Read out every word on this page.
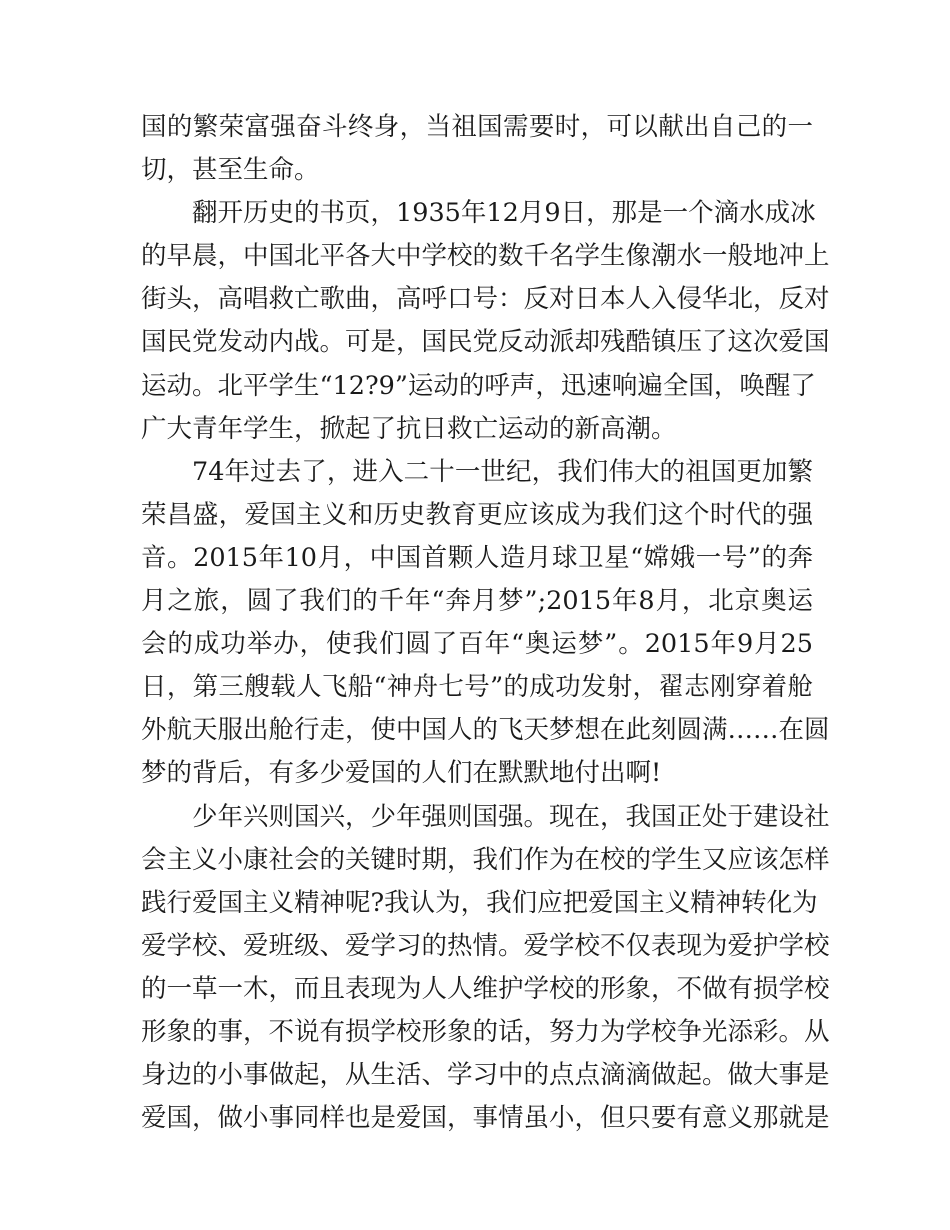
国的繁荣富强奋斗终身，当祖国需要时，可以献出自己的一
切，甚至生命。
翻开历史的书页，1935年12月9日，那是一个滴水成冰
的早晨，中国北平各大中学校的数千名学生像潮水一般地冲上
街头，高唱救亡歌曲，高呼口号：反对日本人入侵华北，反对
国民党发动内战。可是，国民党反动派却残酷镇压了这次爱国
运动。北平学生“12?9”运动的呼声，迅速响遍全国，唤醒了
广大青年学生，掀起了抗日救亡运动的新高潮。
74年过去了，进入二十一世纪，我们伟大的祖国更加繁
荣昌盛，爱国主义和历史教育更应该成为我们这个时代的强
音。2015年10月，中国首颗人造月球卫星“嫦娥一号”的奔
月之旅，圆了我们的千年“奔月梦”;2015年8月，北京奥运
会的成功举办，使我们圆了百年“奥运梦”。2015年9月25
日，第三艘载人飞船“神舟七号”的成功发射，翟志刚穿着舱
外航天服出舱行走，使中国人的飞天梦想在此刻圆满……在圆
梦的背后，有多少爱国的人们在默默地付出啊!
少年兴则国兴，少年强则国强。现在，我国正处于建设社
会主义小康社会的关键时期，我们作为在校的学生又应该怎样
践行爱国主义精神呢?我认为，我们应把爱国主义精神转化为
爱学校、爱班级、爱学习的热情。爱学校不仅表现为爱护学校
的一草一木，而且表现为人人维护学校的形象，不做有损学校
形象的事，不说有损学校形象的话，努力为学校争光添彩。从
身边的小事做起，从生活、学习中的点点滴滴做起。做大事是
爱国，做小事同样也是爱国，事情虽小，但只要有意义那就是
